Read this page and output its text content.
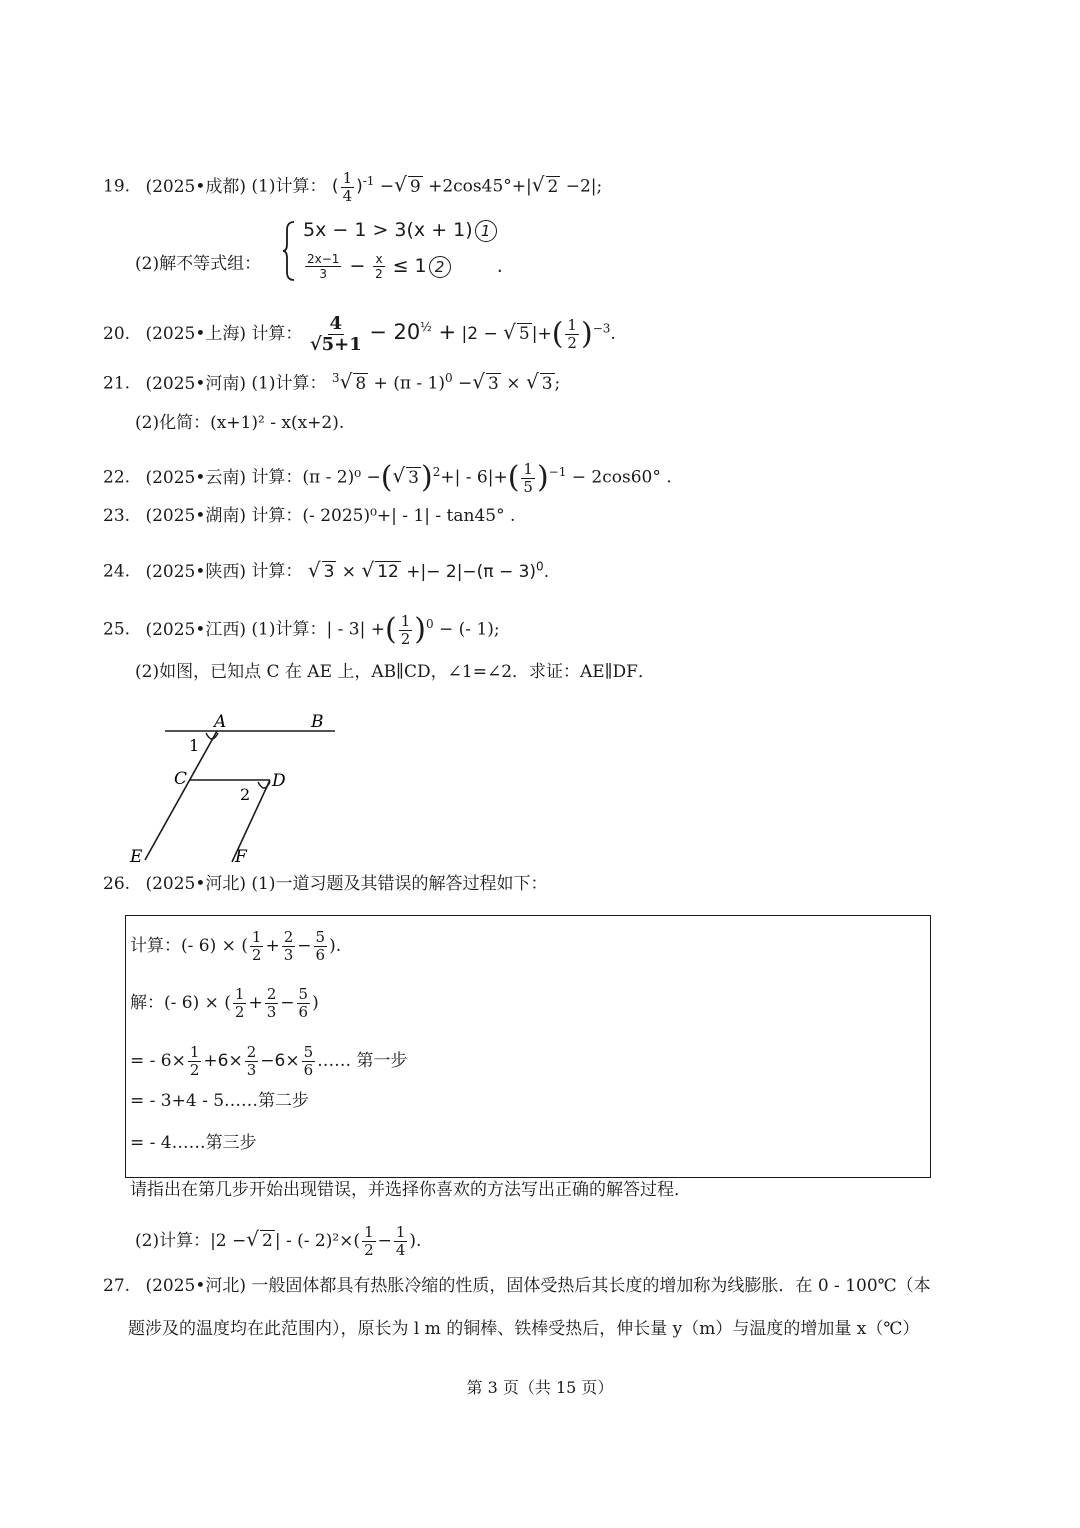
19. (2025•成都) (1)计算： ( $\frac{1}{4} )^{-1}$ −√ 9 +2cos45°+|√ 2 −2|;
(2)解不等式组：
5x − 1 > 3(x + 1) 1
$\frac{2x-1}{3} - \frac{x}{2} \le 1$ 2	.
20. (2025•上海) 计算： $\frac{4}{√5+1} - 20^{\frac{1}{2}} + |2$ − √ 5 |+( $\frac{1}{2} )^{-3}$.
21. (2025•河南) (1)计算： $^3$√ 8 + (π - 1)$^0$ −√ 3 × √ 3 ;
(2)化简：(x+1)² - x(x+2).
22. (2025•云南) 计算：(π - 2)⁰ −(√ $3)^2+| - 6|+( \frac{1}{5} )^{-1} - 2\cos 60^\circ$ .
23. (2025•湖南) 计算：(- 2025)⁰+| - 1| - tan45° .
24. (2025•陕西) 计算： √ 3 × √ 12 +|− $2|-(\pi - 3)^0$.
25. (2025•江西) (1)计算：| - 3| +( $\frac{1}{2} )^0$ − (- 1);
(2)如图，已知点 C 在 AE 上，AB∥CD，∠1=∠2．求证：AE∥DF．
A	B
C	D
E	F
1
2
26. (2025•河北) (1)一道习题及其错误的解答过程如下：
计算：(- 6) × ( $\frac{1}{2} + \frac{2}{3} - \frac{5}{6}$ ).
解：(- 6) × ( $\frac{1}{2} + \frac{2}{3} - \frac{5}{6}$ )
= - $6\times \frac{1}{2} +6\times \frac{2}{3} -6\times \frac{5}{6}$ …… 第一步
= - 3+4 - 5……第二步
= - 4……第三步
请指出在第几步开始出现错误，并选择你喜欢的方法写出正确的解答过程．
(2)计算：|2 −√ 2 | - (- $2)^2\times( \frac{1}{2} - \frac{1}{4}$ ).
27. (2025•河北) 一般固体都具有热胀冷缩的性质，固体受热后其长度的增加称为线膨胀．在 0 - 100℃（本
题涉及的温度均在此范围内），原长为 l m 的铜棒、铁棒受热后，伸长量 y（m）与温度的增加量 x（℃）
第 3 页（共 15 页）
